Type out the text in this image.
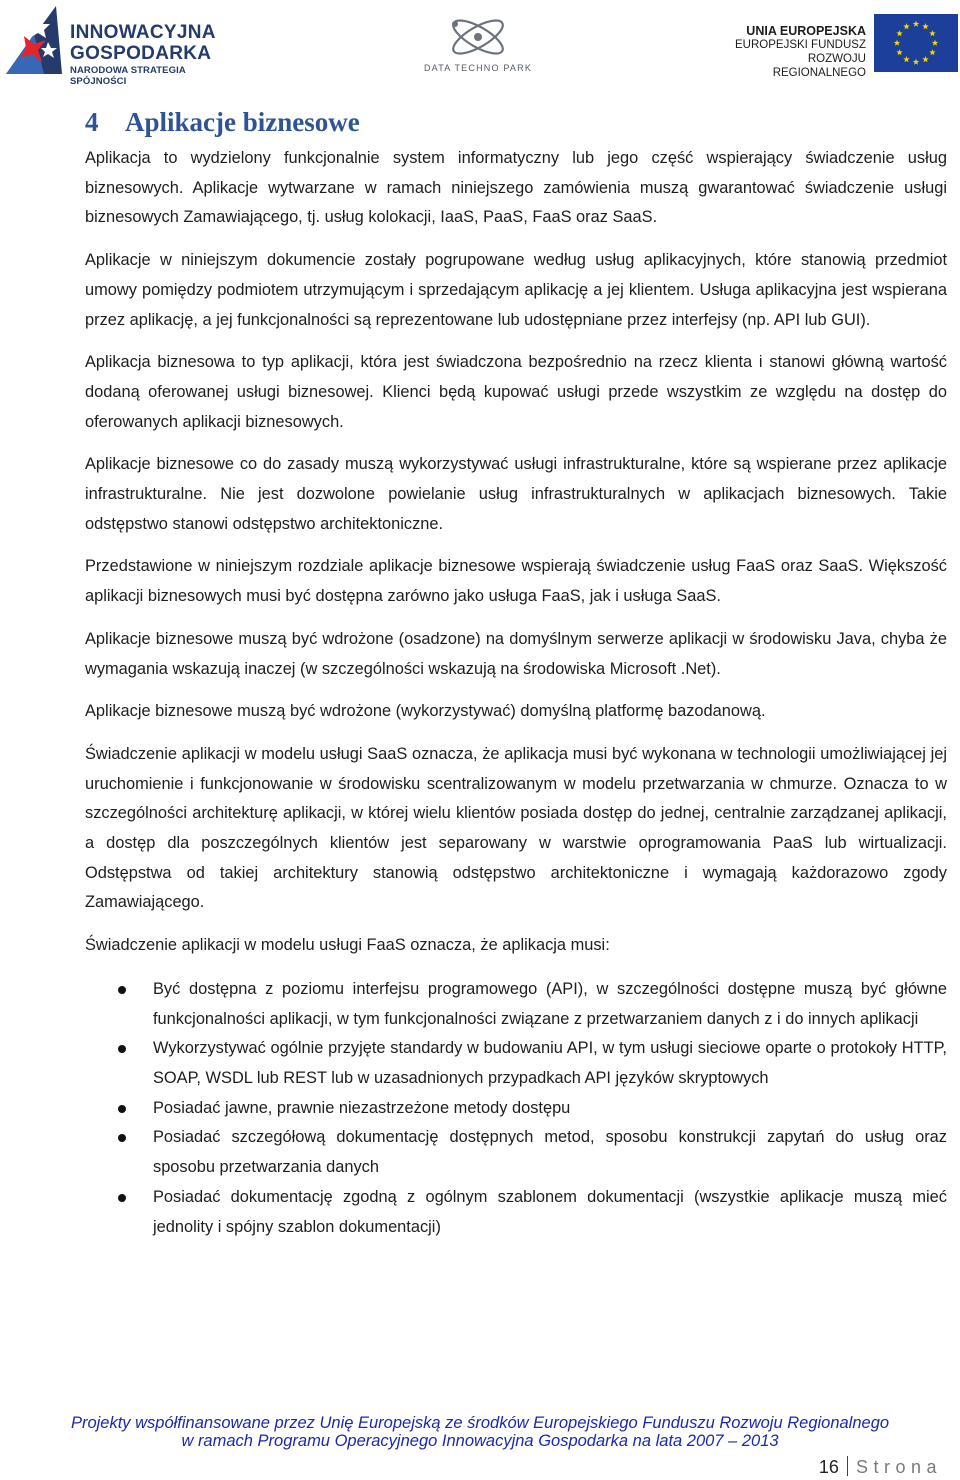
INNOWACYJNA
GOSPODARKA
NARODOWA STRATEGIA SPÓJNOŚCI
DATA TECHNO PARK
UNIA EUROPEJSKA
EUROPEJSKI FUNDUSZ
ROZWOJU REGIONALNEGO
4 Aplikacje biznesowe

Aplikacja to wydzielony funkcjonalnie system informatyczny lub jego część wspierający świadczenie usług biznesowych. Aplikacje wytwarzane w ramach niniejszego zamówienia muszą gwarantować świadczenie usługi biznesowych Zamawiającego, tj. usług kolokacji, IaaS, PaaS, FaaS oraz SaaS.

Aplikacje w niniejszym dokumencie zostały pogrupowane według usług aplikacyjnych, które stanowią przedmiot umowy pomiędzy podmiotem utrzymującym i sprzedającym aplikację a jej klientem. Usługa aplikacyjna jest wspierana przez aplikację, a jej funkcjonalności są reprezentowane lub udostępniane przez interfejsy (np. API lub GUI).

Aplikacja biznesowa to typ aplikacji, która jest świadczona bezpośrednio na rzecz klienta i stanowi główną wartość dodaną oferowanej usługi biznesowej. Klienci będą kupować usługi przede wszystkim ze względu na dostęp do oferowanych aplikacji biznesowych.

Aplikacje biznesowe co do zasady muszą wykorzystywać usługi infrastrukturalne, które są wspierane przez aplikacje infrastrukturalne. Nie jest dozwolone powielanie usług infrastrukturalnych w aplikacjach biznesowych. Takie odstępstwo stanowi odstępstwo architektoniczne.

Przedstawione w niniejszym rozdziale aplikacje biznesowe wspierają świadczenie usług FaaS oraz SaaS. Większość aplikacji biznesowych musi być dostępna zarówno jako usługa FaaS, jak i usługa SaaS.

Aplikacje biznesowe muszą być wdrożone (osadzone) na domyślnym serwerze aplikacji w środowisku Java, chyba że wymagania wskazują inaczej (w szczególności wskazują na środowiska Microsoft .Net).

Aplikacje biznesowe muszą być wdrożone (wykorzystywać) domyślną platformę bazodanową.

Świadczenie aplikacji w modelu usługi SaaS oznacza, że aplikacja musi być wykonana w technologii umożliwiającej jej uruchomienie i funkcjonowanie w środowisku scentralizowanym w modelu przetwarzania w chmurze. Oznacza to w szczególności architekturę aplikacji, w której wielu klientów posiada dostęp do jednej, centralnie zarządzanej aplikacji, a dostęp dla poszczególnych klientów jest separowany w warstwie oprogramowania PaaS lub wirtualizacji. Odstępstwa od takiej architektury stanowią odstępstwo architektoniczne i wymagają każdorazowo zgody Zamawiającego.

Świadczenie aplikacji w modelu usługi FaaS oznacza, że aplikacja musi:

Być dostępna z poziomu interfejsu programowego (API), w szczególności dostępne muszą być główne funkcjonalności aplikacji, w tym funkcjonalności związane z przetwarzaniem danych z i do innych aplikacji
Wykorzystywać ogólnie przyjęte standardy w budowaniu API, w tym usługi sieciowe oparte o protokoły HTTP, SOAP, WSDL lub REST lub w uzasadnionych przypadkach API języków skryptowych
Posiadać jawne, prawnie niezastrzeżone metody dostępu
Posiadać szczegółową dokumentację dostępnych metod, sposobu konstrukcji zapytań do usług oraz sposobu przetwarzania danych
Posiadać dokumentację zgodną z ogólnym szablonem dokumentacji (wszystkie aplikacje muszą mieć jednolity i spójny szablon dokumentacji)
Projekty współfinansowane przez Unię Europejską ze środków Europejskiego Funduszu Rozwoju Regionalnego
w ramach Programu Operacyjnego Innowacyjna Gospodarka na lata 2007 – 2013
16 Strona
